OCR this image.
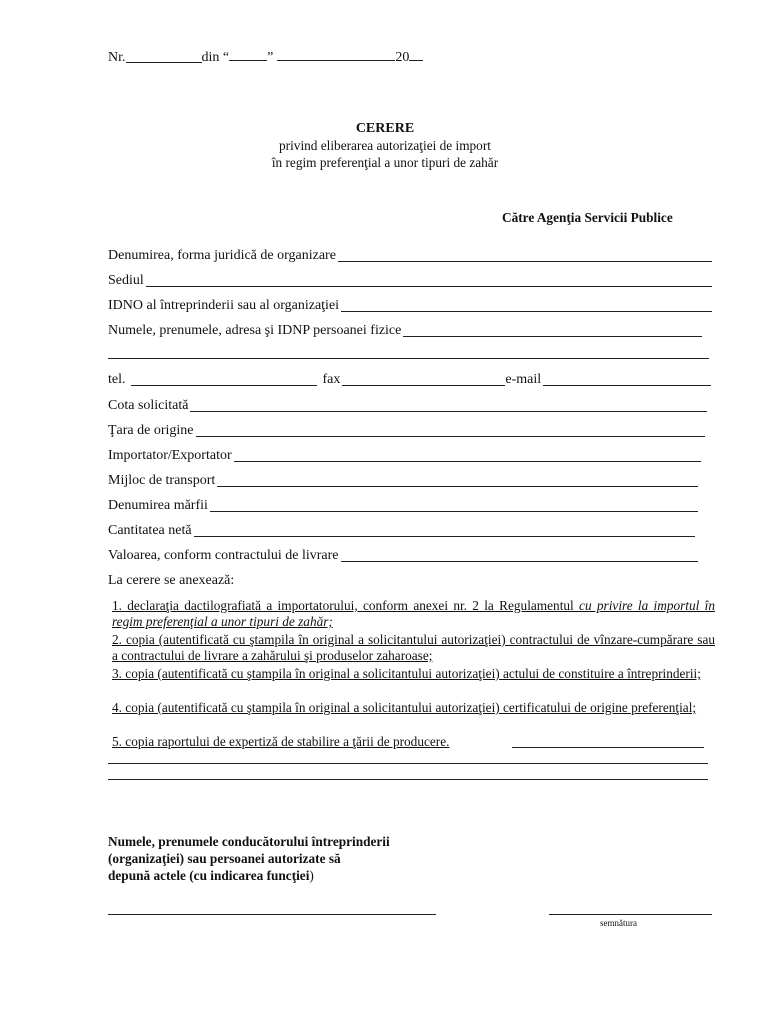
Nr.	din “	”	20
CERERE
privind eliberarea autorizaţiei de import
în regim preferenţial a unor tipuri de zahăr
Către Agenţia Servicii Publice
Denumirea, forma juridică de organizare
Sediul
IDNO al întreprinderii sau al organizaţiei
Numele, prenumele, adresa şi IDNP persoanei fizice
tel.	fax	e-mail
Cota solicitată
Ţara de origine
Importator/Exportator
Mijloc de transport
Denumirea mărfii
Cantitatea netă
Valoarea, conform contractului de livrare
La cerere se anexează:
1. declaraţia dactilografiată a importatorului, conform anexei nr. 2 la Regulamentul cu privire la importul în regim preferenţial a unor tipuri de zahăr;
2. copia (autentificată cu ştampila în original a solicitantului autorizaţiei) contractului de vînzare-cumpărare sau a contractului de livrare a zahărului şi produselor zaharoase;
3. copia (autentificată cu ştampila în original a solicitantului autorizaţiei) actului de constituire a întreprinderii;
4. copia (autentificată cu ştampila în original a solicitantului autorizaţiei) certificatului de origine preferenţial;
5. copia raportului de expertiză de stabilire a ţării de producere.
Numele, prenumele conducătorului întreprinderii
(organizaţiei) sau persoanei autorizate să
depună actele (cu indicarea funcţiei)
semnătura
